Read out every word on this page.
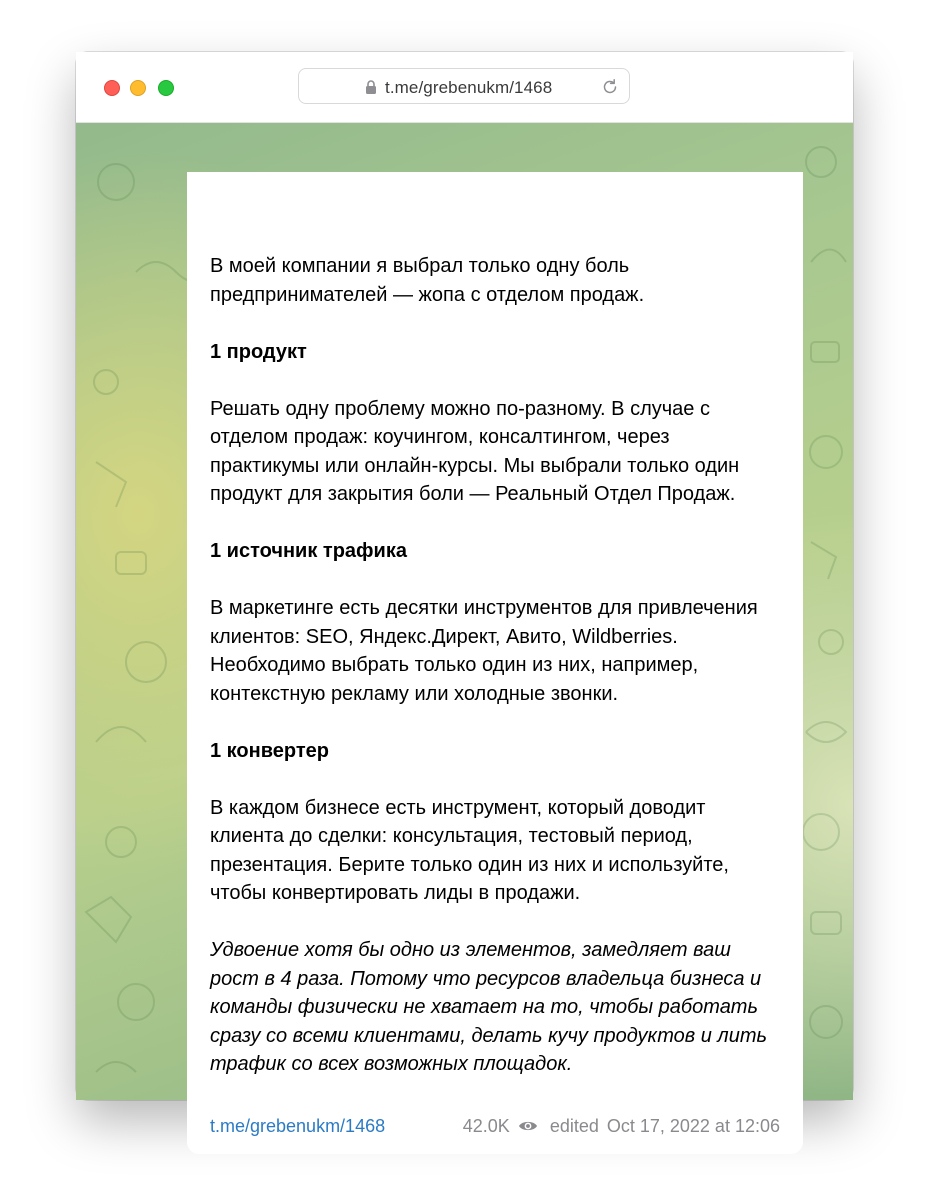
t.me/grebenukm/1468

В моей компании я выбрал только одну боль предпринимателей — жопа с отделом продаж.

1 продукт

Решать одну проблему можно по-разному. В случае с отделом продаж: коучингом, консалтингом, через практикумы или онлайн-курсы. Мы выбрали только один продукт для закрытия боли — Реальный Отдел Продаж.

1 источник трафика

В маркетинге есть десятки инструментов для привлечения клиентов: SEO, Яндекс.Директ, Авито, Wildberries. Необходимо выбрать только один из них, например, контекстную рекламу или холодные звонки.

1 конвертер

В каждом бизнесе есть инструмент, который доводит клиента до сделки: консультация, тестовый период, презентация. Берите только один из них и используйте, чтобы конвертировать лиды в продажи.

Удвоение хотя бы одно из элементов, замедляет ваш рост в 4 раза. Потому что ресурсов владельца бизнеса и команды физически не хватает на то, чтобы работать сразу со всеми клиентами, делать кучу продуктов и лить трафик со всех возможных площадок.

t.me/grebenukm/1468	42.0K edited Oct 17, 2022 at 12:06
